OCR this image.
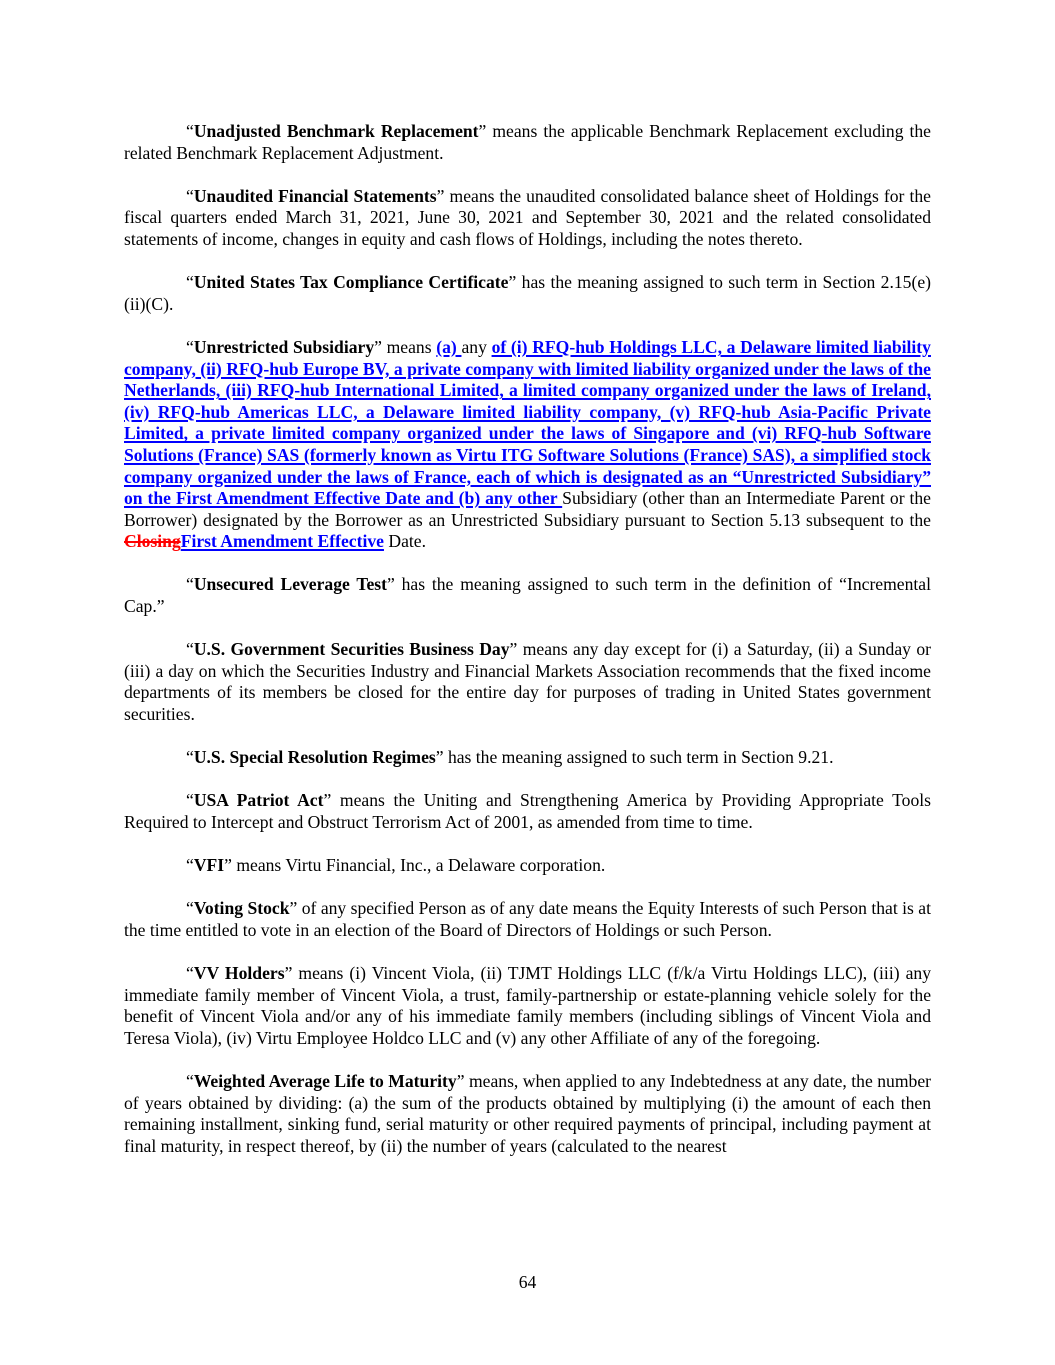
“Unadjusted Benchmark Replacement” means the applicable Benchmark Replacement excluding the related Benchmark Replacement Adjustment.

“Unaudited Financial Statements” means the unaudited consolidated balance sheet of Holdings for the fiscal quarters ended March 31, 2021, June 30, 2021 and September 30, 2021 and the related consolidated statements of income, changes in equity and cash flows of Holdings, including the notes thereto.

“United States Tax Compliance Certificate” has the meaning assigned to such term in Section 2.15(e)(ii)(C).

“Unrestricted Subsidiary” means (a) any of (i) RFQ-hub Holdings LLC, a Delaware limited liability company, (ii) RFQ-hub Europe BV, a private company with limited liability organized under the laws of the Netherlands, (iii) RFQ-hub International Limited, a limited company organized under the laws of Ireland, (iv) RFQ-hub Americas LLC, a Delaware limited liability company, (v) RFQ-hub Asia-Pacific Private Limited, a private limited company organized under the laws of Singapore and (vi) RFQ-hub Software Solutions (France) SAS (formerly known as Virtu ITG Software Solutions (France) SAS), a simplified stock company organized under the laws of France, each of which is designated as an “Unrestricted Subsidiary” on the First Amendment Effective Date and (b) any other Subsidiary (other than an Intermediate Parent or the Borrower) designated by the Borrower as an Unrestricted Subsidiary pursuant to Section 5.13 subsequent to the ClosingFirst Amendment Effective Date.

“Unsecured Leverage Test” has the meaning assigned to such term in the definition of “Incremental Cap.”

“U.S. Government Securities Business Day” means any day except for (i) a Saturday, (ii) a Sunday or (iii) a day on which the Securities Industry and Financial Markets Association recommends that the fixed income departments of its members be closed for the entire day for purposes of trading in United States government securities.

“U.S. Special Resolution Regimes” has the meaning assigned to such term in Section 9.21.

“USA Patriot Act” means the Uniting and Strengthening America by Providing Appropriate Tools Required to Intercept and Obstruct Terrorism Act of 2001, as amended from time to time.

“VFI” means Virtu Financial, Inc., a Delaware corporation.

“Voting Stock” of any specified Person as of any date means the Equity Interests of such Person that is at the time entitled to vote in an election of the Board of Directors of Holdings or such Person.

“VV Holders” means (i) Vincent Viola, (ii) TJMT Holdings LLC (f/k/a Virtu Holdings LLC), (iii) any immediate family member of Vincent Viola, a trust, family-partnership or estate-planning vehicle solely for the benefit of Vincent Viola and/or any of his immediate family members (including siblings of Vincent Viola and Teresa Viola), (iv) Virtu Employee Holdco LLC and (v) any other Affiliate of any of the foregoing.

“Weighted Average Life to Maturity” means, when applied to any Indebtedness at any date, the number of years obtained by dividing: (a) the sum of the products obtained by multiplying (i) the amount of each then remaining installment, sinking fund, serial maturity or other required payments of principal, including payment at final maturity, in respect thereof, by (ii) the number of years (calculated to the nearest

64
